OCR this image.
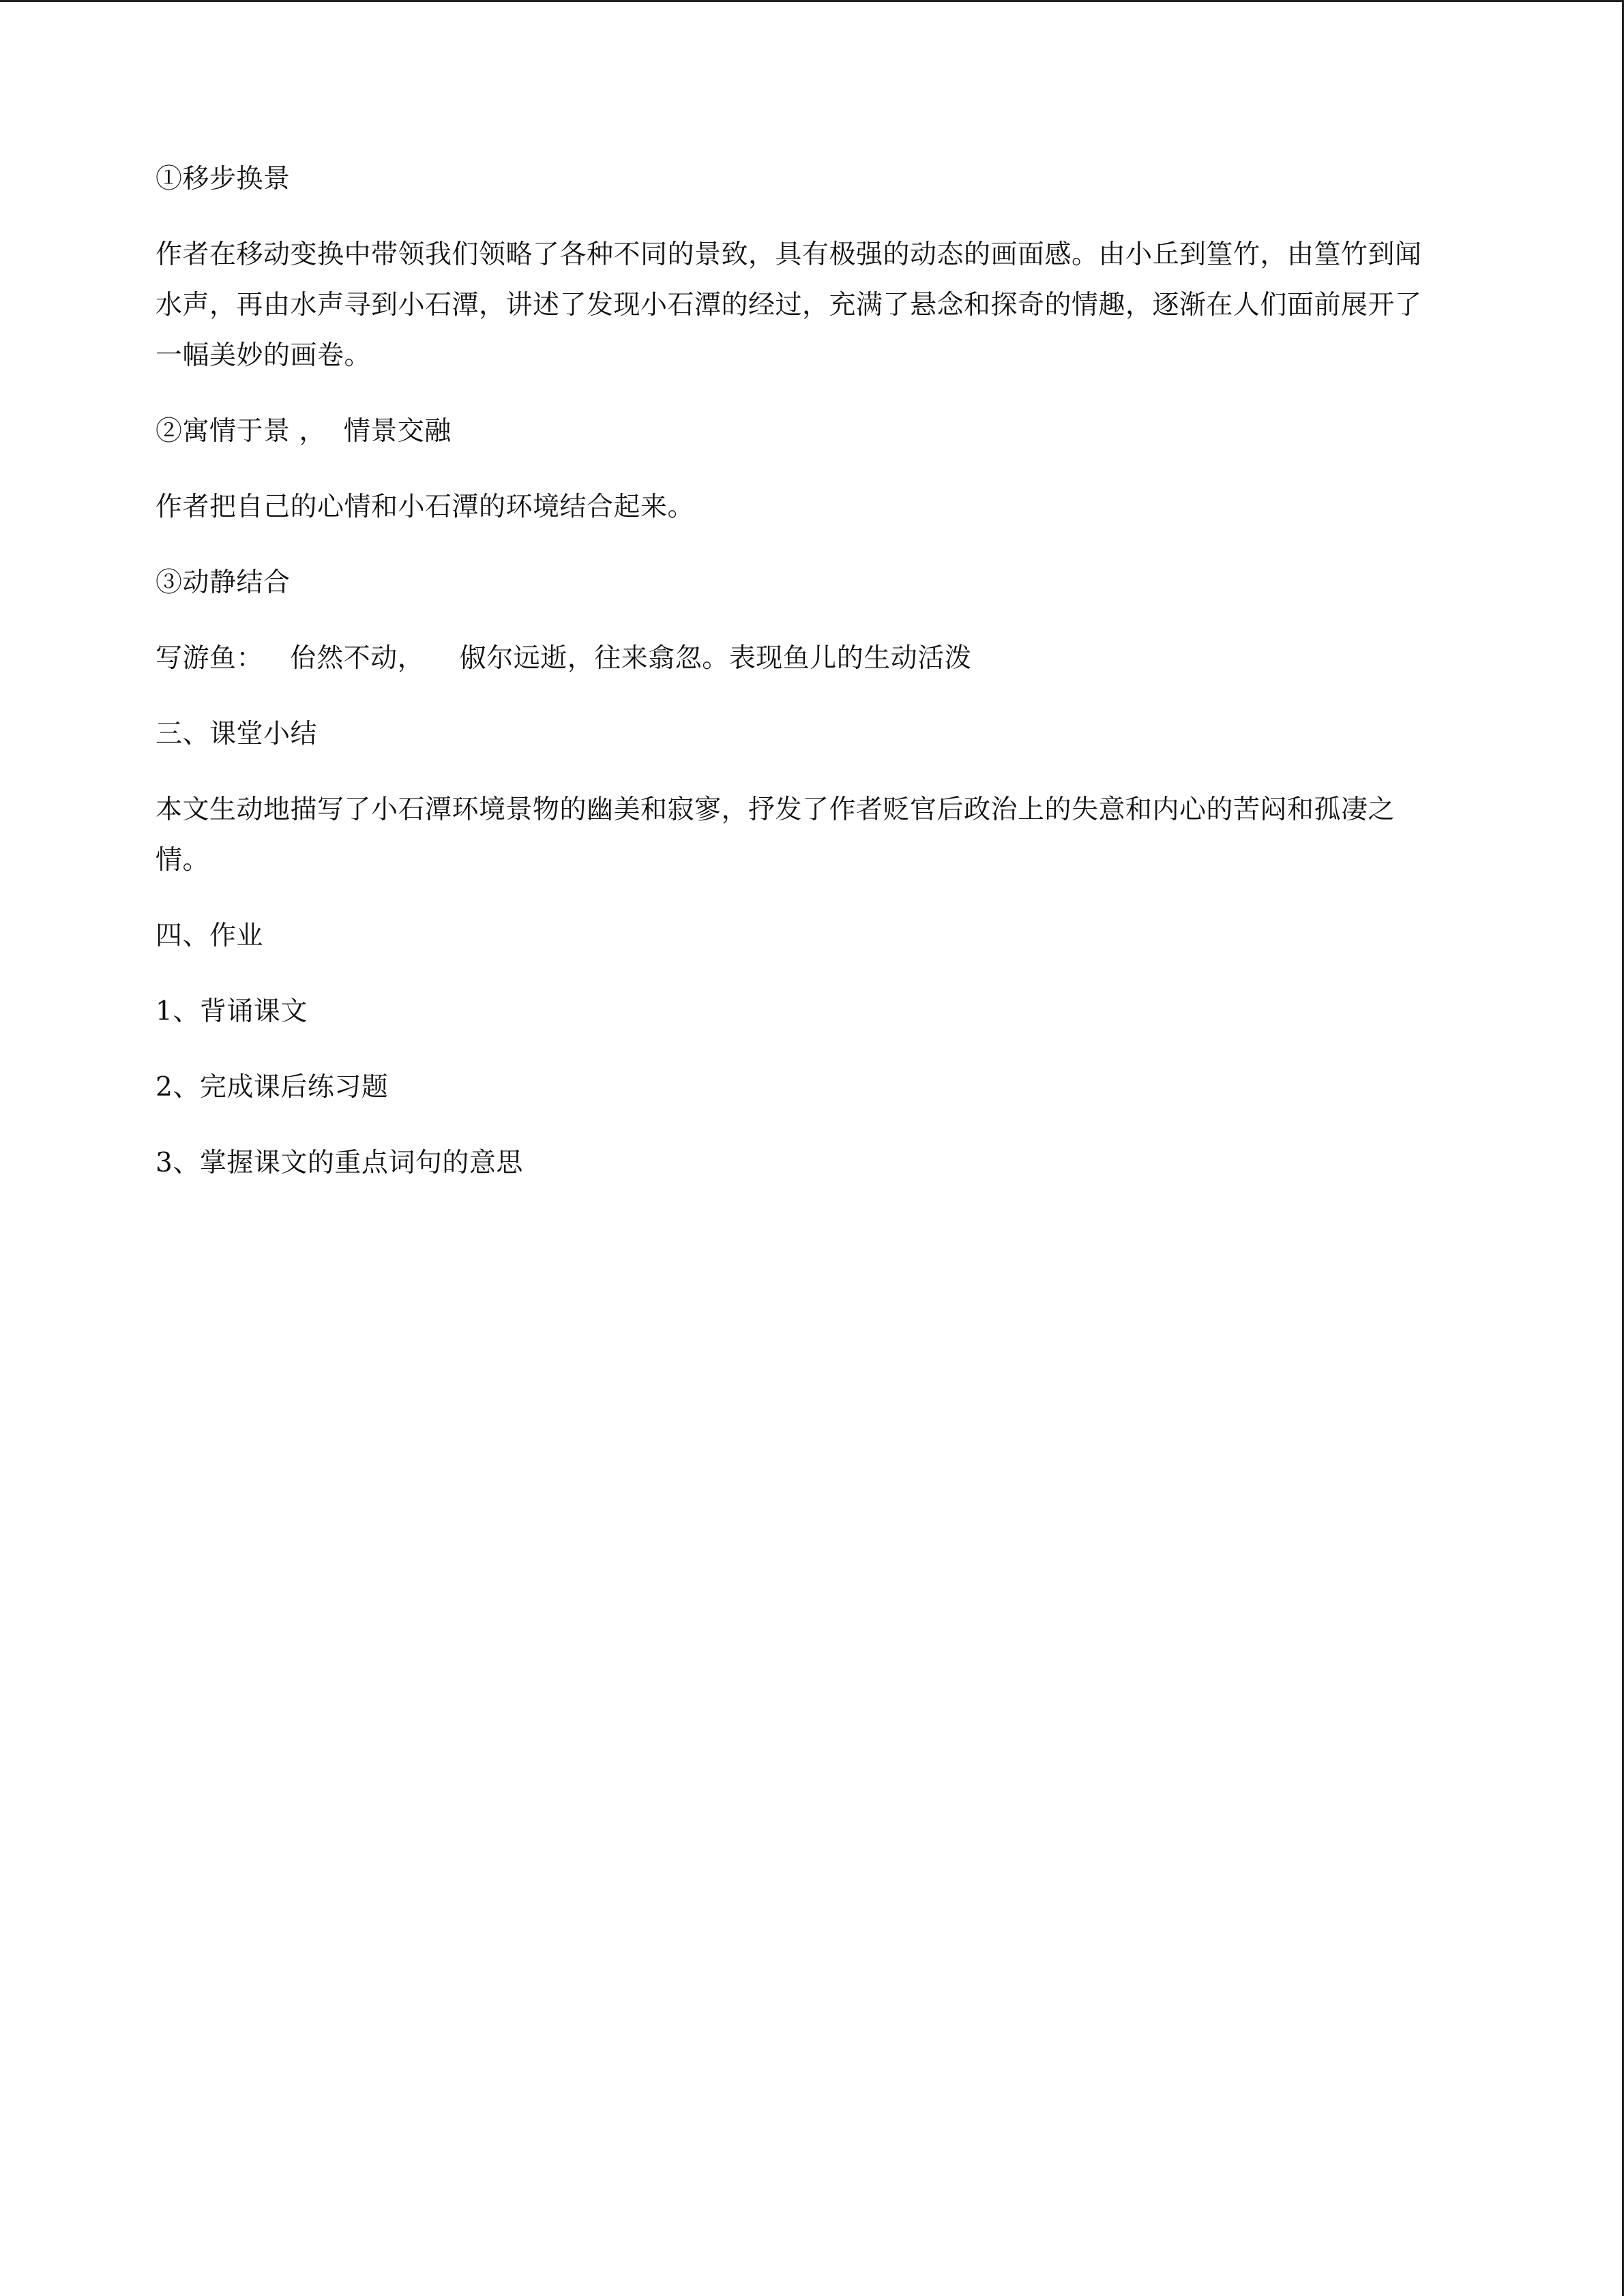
①移步换景

作者在移动变换中带领我们领略了各种不同的景致，具有极强的动态的画面感。由小丘到篁竹，由篁竹到闻水声，再由水声寻到小石潭，讲述了发现小石潭的经过，充满了悬念和探奇的情趣，逐渐在人们面前展开了一幅美妙的画卷。

②寓情于景 ，  情景交融

作者把自己的心情和小石潭的环境结合起来。

③动静结合

写游鱼：   佁然不动，    俶尔远逝，往来翕忽。表现鱼儿的生动活泼

三、课堂小结

本文生动地描写了小石潭环境景物的幽美和寂寥，抒发了作者贬官后政治上的失意和内心的苦闷和孤凄之情。

四、作业

1、背诵课文

2、完成课后练习题

3、掌握课文的重点词句的意思
